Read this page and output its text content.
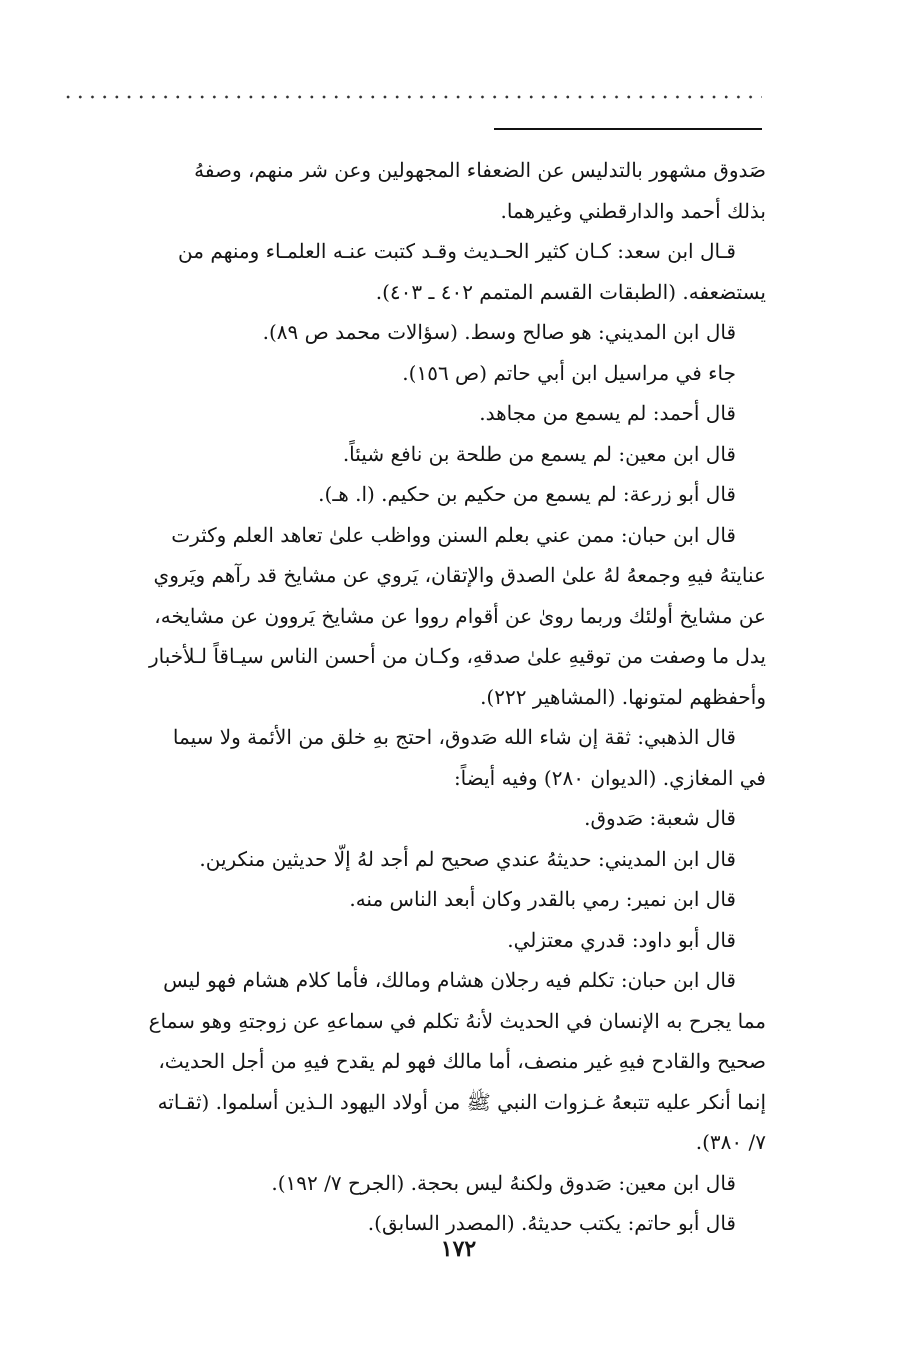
صَدوق مشهور بالتدليس عن الضعفاء المجهولين وعن شر منهم، وصفهُ
بذلك أحمد والدارقطني وغيرهما.
قـال ابن سعد: كـان كثير الحـديث وقـد كتبت عنـه العلمـاء ومنهم من
يستضعفه. (الطبقات القسم المتمم ٤٠٢ ـ ٤٠٣).
قال ابن المديني: هو صالح وسط. (سؤالات محمد ص ٨٩).
جاء في مراسيل ابن أبي حاتم (ص ١٥٦).
قال أحمد: لم يسمع من مجاهد.
قال ابن معين: لم يسمع من طلحة بن نافع شيئاً.
قال أبو زرعة: لم يسمع من حكيم بن حكيم. (ا. هـ).
قال ابن حبان: ممن عني بعلم السنن وواظب علىٰ تعاهد العلم وكثرت
عنايتهُ فيهِ وجمعهُ لهُ علىٰ الصدق والإتقان، يَروي عن مشايخ قد رآهم ويَروي
عن مشايخ أولئك وربما روىٰ عن أقوام رووا عن مشايخ يَروون عن مشايخه،
يدل ما وصفت من توقيهِ علىٰ صدقهِ، وكـان من أحسن الناس سيـاقاً لـلأخبار
وأحفظهم لمتونها. (المشاهير ٢٢٢).
قال الذهبي: ثقة إن شاء الله صَدوق، احتج بهِ خلق من الأئمة ولا سيما
في المغازي. (الديوان ٢٨٠) وفيه أيضاً:
قال شعبة: صَدوق.
قال ابن المديني: حديثهُ عندي صحيح لم أجد لهُ إلّا حديثين منكرين.
قال ابن نمير: رمي بالقدر وكان أبعد الناس منه.
قال أبو داود: قدري معتزلي.
قال ابن حبان: تكلم فيه رجلان هشام ومالك، فأما كلام هشام فهو ليس
مما يجرح به الإنسان في الحديث لأنهُ تكلم في سماعهِ عن زوجتهِ وهو سماع
صحيح والقادح فيهِ غير منصف، أما مالك فهو لم يقدح فيهِ من أجل الحديث،
إنما أنكر عليه تتبعهُ غـزوات النبي ﷺ من أولاد اليهود الـذين أسلموا. (ثقـاته
٧/ ٣٨٠).
قال ابن معين: صَدوق ولكنهُ ليس بحجة. (الجرح ٧/ ١٩٢).
قال أبو حاتم: يكتب حديثهُ. (المصدر السابق).
١٧٢
